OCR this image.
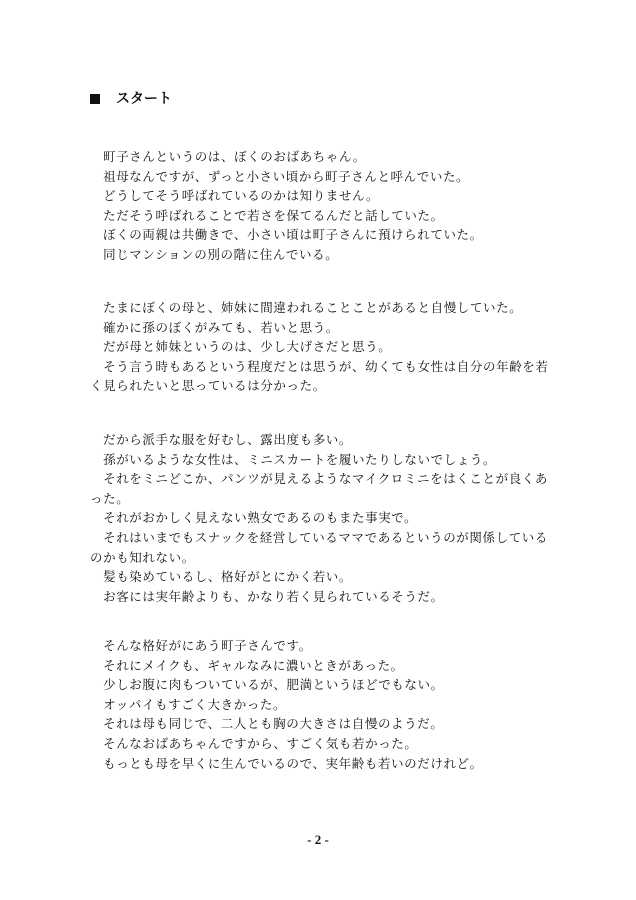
スタート
　町子さんというのは、ぼくのおばあちゃん。
　祖母なんですが、ずっと小さい頃から町子さんと呼んでいた。
　どうしてそう呼ばれているのかは知りません。
　ただそう呼ばれることで若さを保てるんだと話していた。
　ぼくの両親は共働きで、小さい頃は町子さんに預けられていた。
　同じマンションの別の階に住んでいる。
　たまにぼくの母と、姉妹に間違われることことがあると自慢していた。
　確かに孫のぼくがみても、若いと思う。
　だが母と姉妹というのは、少し大げさだと思う。
　そう言う時もあるという程度だとは思うが、幼くても女性は自分の年齢を若
く見られたいと思っているは分かった。
　だから派手な服を好むし、露出度も多い。
　孫がいるような女性は、ミニスカートを履いたりしないでしょう。
　それをミニどこか、パンツが見えるようなマイクロミニをはくことが良くあ
った。
　それがおかしく見えない熟女であるのもまた事実で。
　それはいまでもスナックを経営しているママであるというのが関係している
のかも知れない。
　髪も染めているし、格好がとにかく若い。
　お客には実年齢よりも、かなり若く見られているそうだ。
　そんな格好がにあう町子さんです。
　それにメイクも、ギャルなみに濃いときがあった。
　少しお腹に肉もついているが、肥満というほどでもない。
　オッパイもすごく大きかった。
　それは母も同じで、二人とも胸の大きさは自慢のようだ。
　そんなおばあちゃんですから、すごく気も若かった。
　もっとも母を早くに生んでいるので、実年齢も若いのだけれど。
- 2 -
